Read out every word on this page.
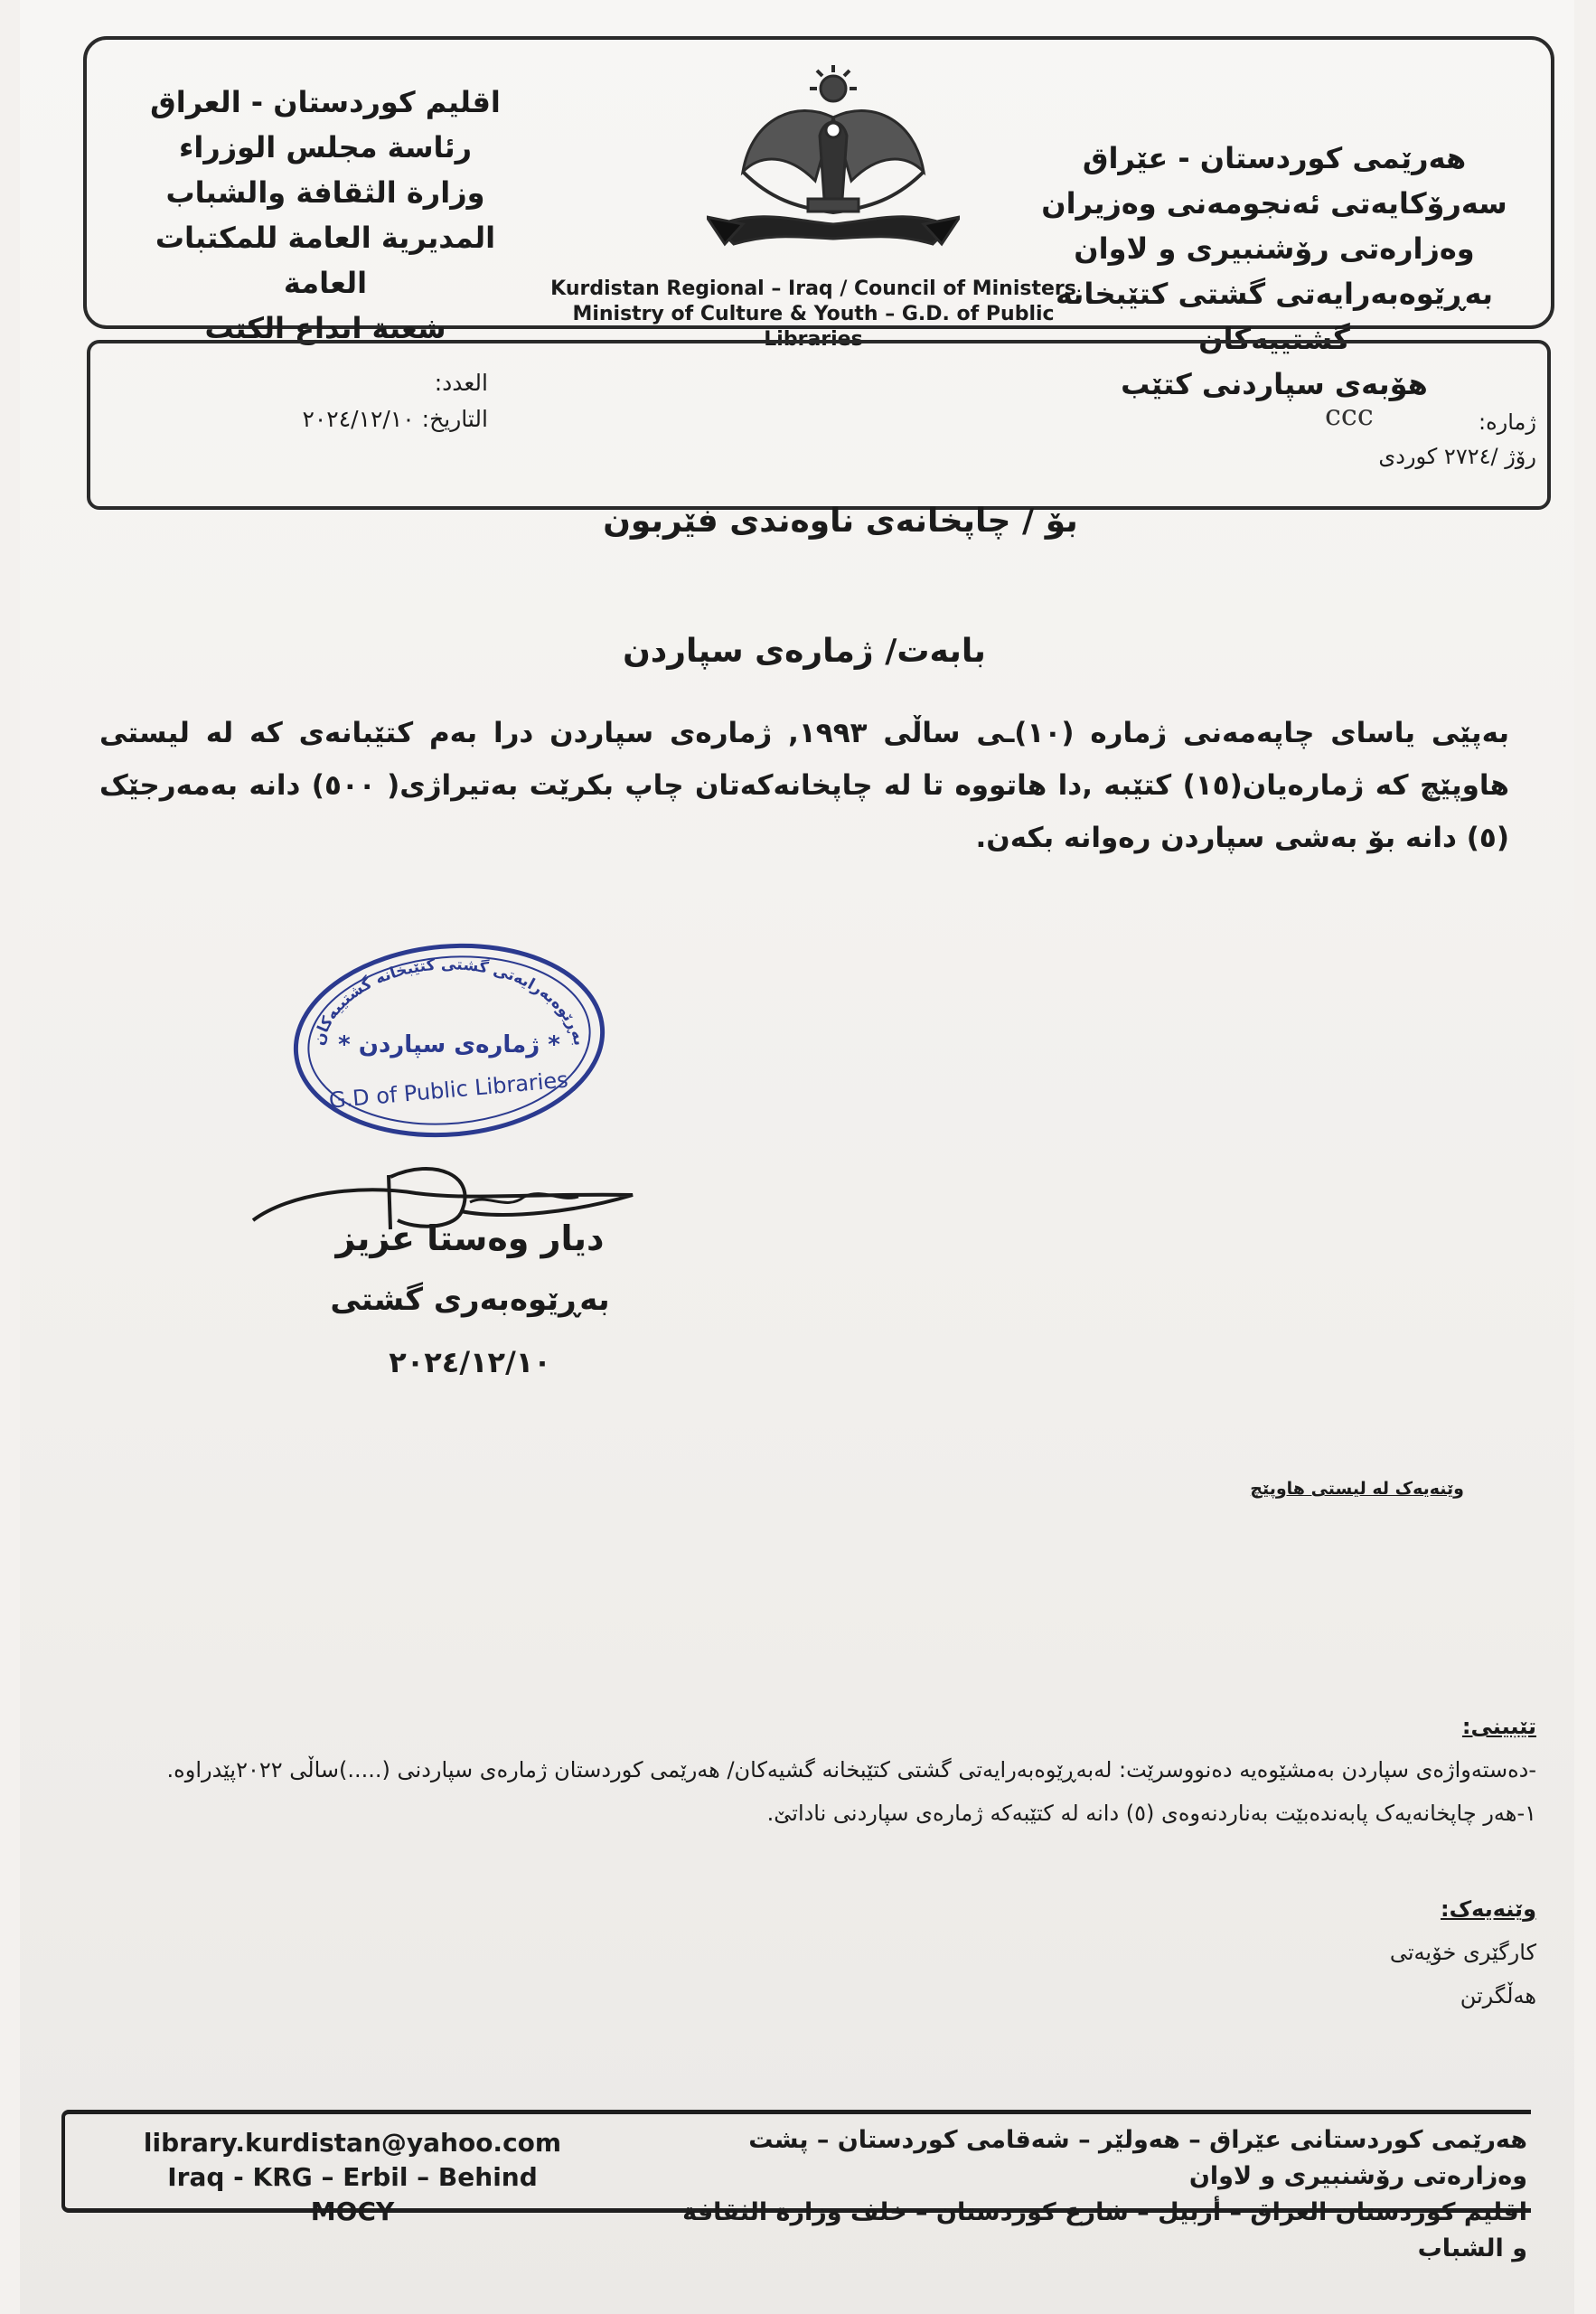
اقليم كوردستان - العراق
رئاسة مجلس الوزراء
وزارة الثقافة والشباب
المديرية العامة للمكتبات العامة
شعبة ايداع الكتب
Kurdistan Regional – Iraq / Council of Ministers
Ministry of Culture & Youth – G.D. of Public Libraries
هەرێمی کوردستان - عێراق
سەرۆکایەتی ئەنجومەنی وەزیران
وەزارەتی رۆشنبیری و لاوان
بەڕێوەبەرایەتی گشتی کتێبخانە گشتییەکان
هۆبەی سپاردنی کتێب
العدد:
التاريخ: ٢٠٢٤/١٢/١٠	ccc	ژمارە:
رۆژ /٢٧٢٤ کوردی
بۆ / چاپخانەی ناوەندی فێربون
بابەت/ ژمارەی سپاردن
بەپێی یاسای چاپەمەنی ژمارە (١٠)ـی ساڵی ١٩٩٣, ژمارەی سپاردن درا بەم کتێبانەی کە لە لیستی هاوپێچ کە ژمارەیان(١٥) کتێبە ,دا هاتووە تا لە چاپخانەکەتان چاپ بکرێت بەتیراژی( ٥٠٠) دانە بەمەرجێک (٥) دانە بۆ بەشی سپاردن رەوانە بکەن.
بەڕێوەبەرایەتی گشتی کتێبخانە گشتییەکان
* ژمارەی سپاردن *
G.D of Public Libraries
دیار وەستا عزیز
بەڕێوەبەری گشتی
٢٠٢٤/١٢/١٠
وێنەیەک لە لیستی هاوپێچ
تێبینی:
-دەستەواژەی سپاردن بەمشێوەیە دەنووسرێت: لەبەڕێوەبەرایەتی گشتی کتێبخانە گشیەکان/ هەرێمی کوردستان ژمارەی سپاردنی (.....)ساڵی ٢٠٢٢پێدراوە.
١-هەر چاپخانەیەک پابەندەبێت بەناردنەوەی (٥) دانە لە کتێبەکە ژمارەی سپاردنی ناداتێ.
وێنەیەک:
کارگێری خۆیەتی
هەڵگرتن
library.kurdistan@yahoo.com
Iraq - KRG – Erbil – Behind MOCY
هەرێمی کوردستانی عێراق – هەولێر – شەقامی کوردستان – پشت وەزارەتی رۆشنبیری و لاوان
اقليم كوردستان العراق – أربيل – شارع كوردستان – خلف وزارة الثقافة و الشباب
